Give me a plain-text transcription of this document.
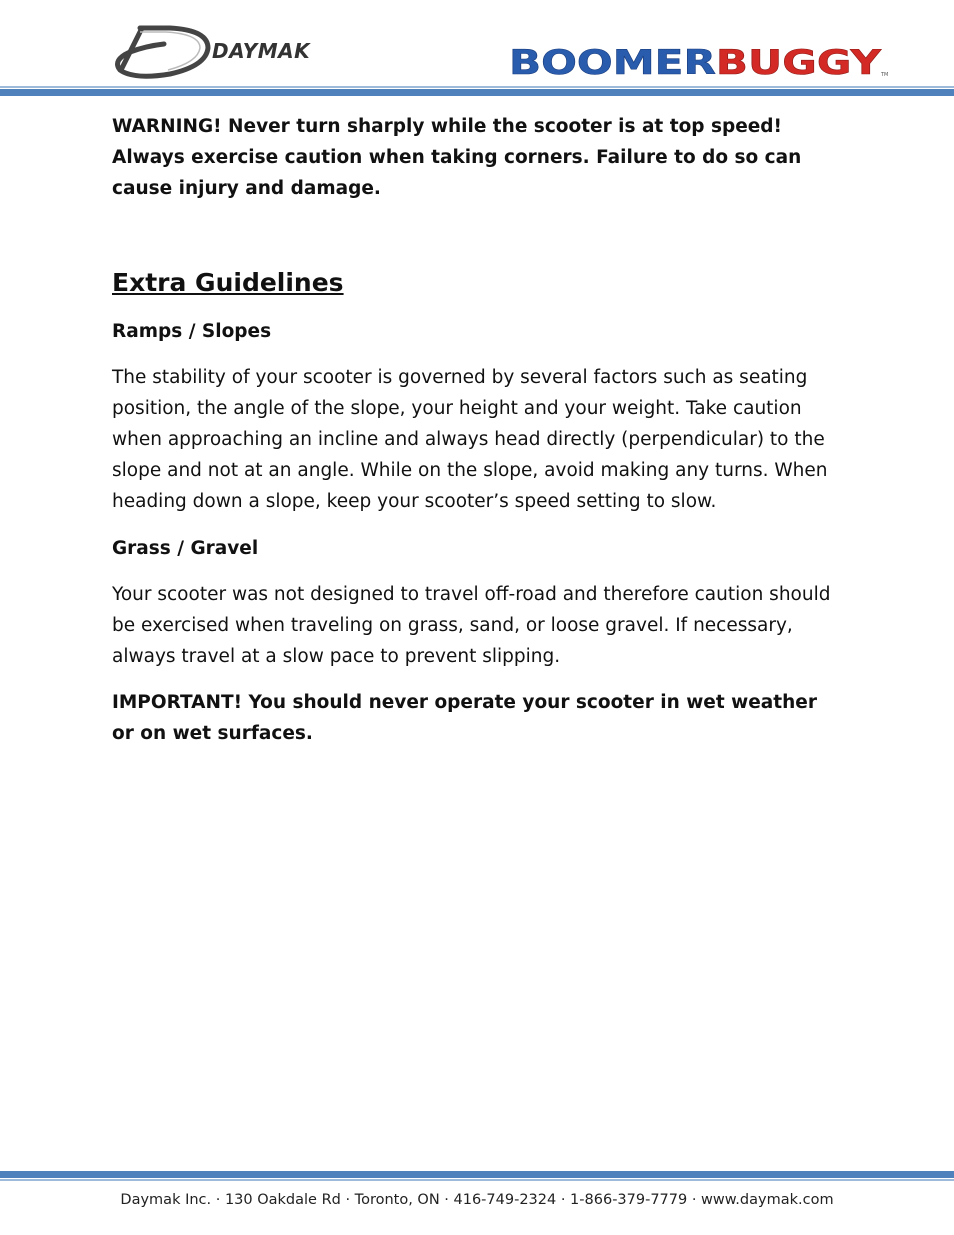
DAYMAK	BOOMER BUGGY	TM

WARNING! Never turn sharply while the scooter is at top speed! Always exercise caution when taking corners. Failure to do so can cause injury and damage.

Extra Guidelines

Ramps / Slopes

The stability of your scooter is governed by several factors such as seating position, the angle of the slope, your height and your weight. Take caution when approaching an incline and always head directly (perpendicular) to the slope and not at an angle. While on the slope, avoid making any turns. When heading down a slope, keep your scooter’s speed setting to slow.

Grass / Gravel

Your scooter was not designed to travel off-road and therefore caution should be exercised when traveling on grass, sand, or loose gravel. If necessary, always travel at a slow pace to prevent slipping.

IMPORTANT! You should never operate your scooter in wet weather or on wet surfaces.

Daymak Inc. · 130 Oakdale Rd · Toronto, ON · 416-749-2324 · 1-866-379-7779 · www.daymak.com
